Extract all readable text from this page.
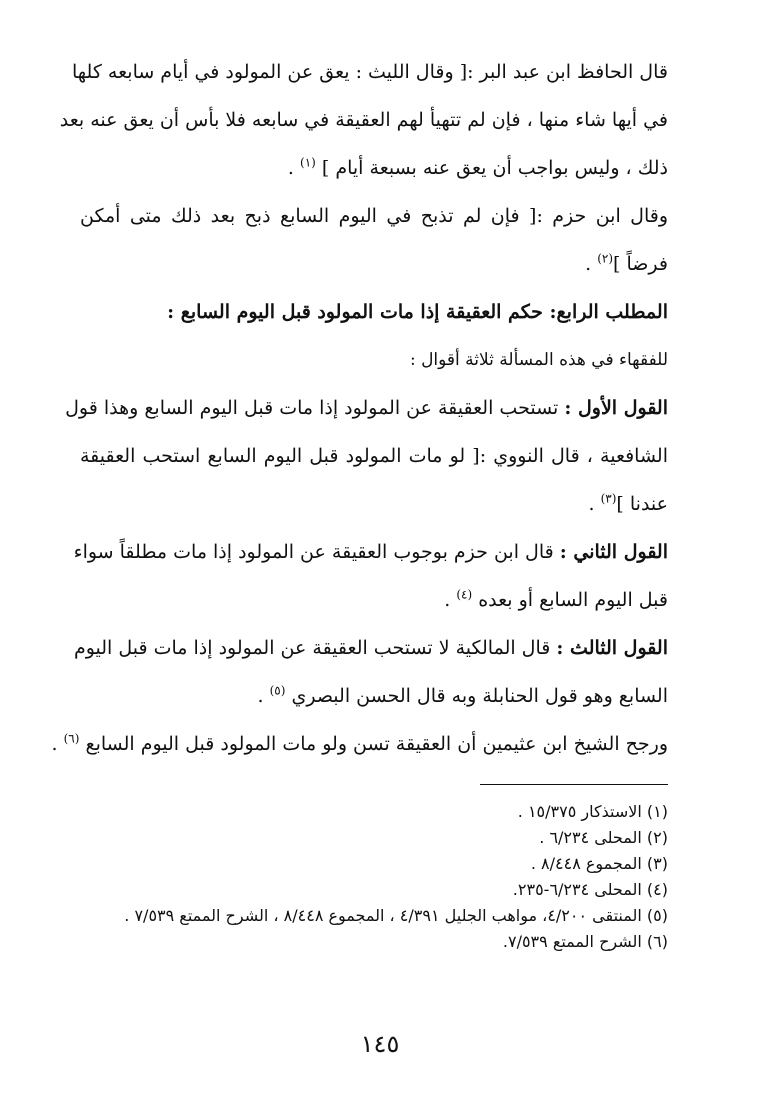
قال الحافظ ابن عبد البر :[ وقال الليث : يعق عن المولود في أيام سابعه كلها
في أيها شاء منها ، فإن لم تتهيأ لهم العقيقة في سابعه فلا بأس أن يعق عنه بعد
ذلك ، وليس بواجب أن يعق عنه بسبعة أيام ] $^{(١)}$ .
وقال ابن حزم :[ فإن لم تذبح في اليوم السابع ذبح بعد ذلك متى أمكن
فرضاً ]$^{(٢)}$ .
المطلب الرابع: حكم العقيقة إذا مات المولود قبل اليوم السابع :
للفقهاء في هذه المسألة ثلاثة أقوال :
القول الأول : تستحب العقيقة عن المولود إذا مات قبل اليوم السابع وهذا قول
الشافعية ، قال النووي :[ لو مات المولود قبل اليوم السابع استحب العقيقة
عندنا ]$^{(٣)}$ .
القول الثاني : قال ابن حزم بوجوب العقيقة عن المولود إذا مات مطلقاً سواء
قبل اليوم السابع أو بعده $^{(٤)}$ .
القول الثالث : قال المالكية لا تستحب العقيقة عن المولود إذا مات قبل اليوم
السابع وهو قول الحنابلة وبه قال الحسن البصري $^{(٥)}$ .
ورجح الشيخ ابن عثيمين أن العقيقة تسن ولو مات المولود قبل اليوم السابع $^{(٦)}$ .
(١) الاستذكار ١٥/٣٧٥ .
(٢) المحلى ٦/٢٣٤ .
(٣) المجموع ٨/٤٤٨ .
(٤) المحلى ٦/٢٣٤-٢٣٥.
(٥) المنتقى ٤/٢٠٠، مواهب الجليل ٤/٣٩١ ، المجموع ٨/٤٤٨ ، الشرح الممتع ٧/٥٣٩ .
(٦) الشرح الممتع ٧/٥٣٩.
١٤٥
